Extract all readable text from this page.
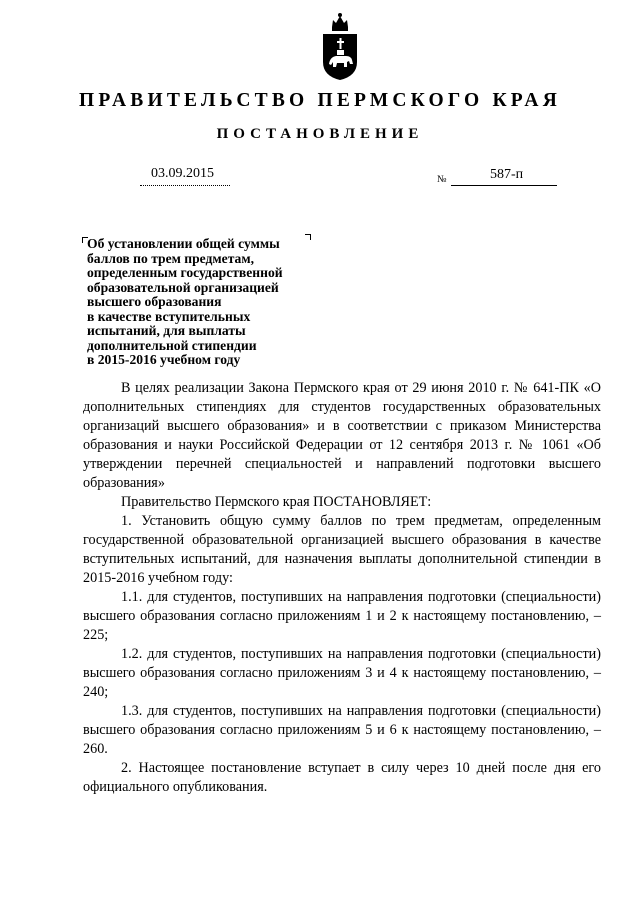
ПРАВИТЕЛЬСТВО ПЕРМСКОГО КРАЯ
ПОСТАНОВЛЕНИЕ
03.09.2015	№	587-п
Об установлении общей суммы
баллов по трем предметам,
определенным государственной
образовательной организацией
высшего образования
в качестве вступительных
испытаний, для выплаты
дополнительной стипендии
в 2015-2016 учебном году

В целях реализации Закона Пермского края от 29 июня 2010 г. № 641-ПК «О дополнительных стипендиях для студентов государственных образовательных организаций высшего образования» и в соответствии с приказом Министерства образования и науки Российской Федерации от 12 сентября 2013 г. № 1061 «Об утверждении перечней специальностей и направлений подготовки высшего образования»

Правительство Пермского края ПОСТАНОВЛЯЕТ:

1. Установить общую сумму баллов по трем предметам, определенным государственной образовательной организацией высшего образования в качестве вступительных испытаний, для назначения выплаты дополнительной стипендии в 2015-2016 учебном году:

1.1. для студентов, поступивших на направления подготовки (специальности) высшего образования согласно приложениям 1 и 2 к настоящему постановлению, – 225;

1.2. для студентов, поступивших на направления подготовки (специальности) высшего образования согласно приложениям 3 и 4 к настоящему постановлению, – 240;

1.3. для студентов, поступивших на направления подготовки (специальности) высшего образования согласно приложениям 5 и 6 к настоящему постановлению, – 260.

2. Настоящее постановление вступает в силу через 10 дней после дня его официального опубликования.
